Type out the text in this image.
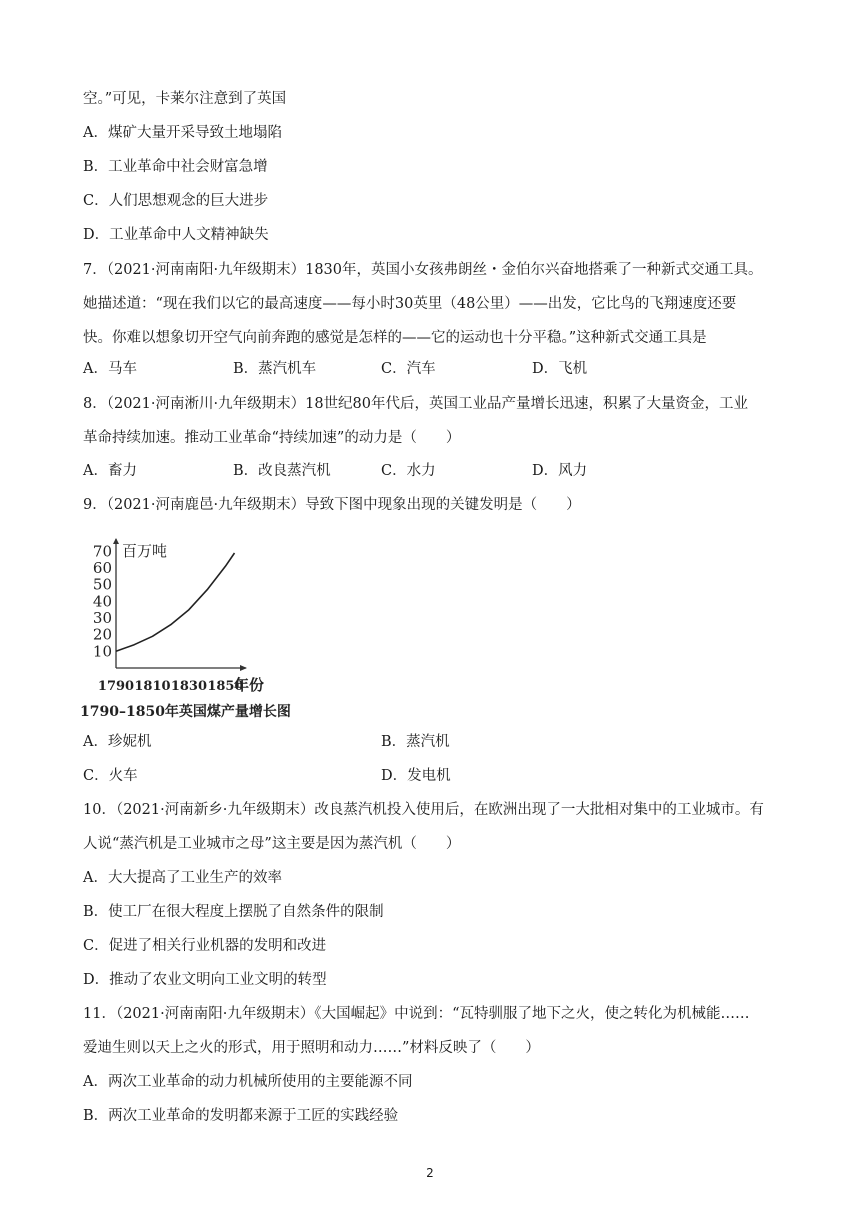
空。”可见，卡莱尔注意到了英国
A．煤矿大量开采导致土地塌陷
B．工业革命中社会财富急增
C．人们思想观念的巨大进步
D．工业革命中人文精神缺失
7．（2021·河南南阳·九年级期末）1830年，英国小女孩弗朗丝・金伯尔兴奋地搭乘了一种新式交通工具。
她描述道：“现在我们以它的最高速度——每小时30英里（48公里）——出发，它比鸟的飞翔速度还要
快。你难以想象切开空气向前奔跑的感觉是怎样的——它的运动也十分平稳。”这种新式交通工具是
A．马车	B．蒸汽机车	C．汽车	D．飞机
8．（2021·河南淅川·九年级期末）18世纪80年代后，英国工业品产量增长迅速，积累了大量资金，工业
革命持续加速。推动工业革命“持续加速”的动力是（　　）
A．畜力	B．改良蒸汽机	C．水力	D．风力
9．（2021·河南鹿邑·九年级期末）导致下图中现象出现的关键发明是（　　）
10
20
30
40
50
60
70
1790 1810 1830 1850
百万吨
年份
1790–1850年英国煤产量增长图
A．珍妮机	B．蒸汽机
C．火车	D．发电机
10．（2021·河南新乡·九年级期末）改良蒸汽机投入使用后，在欧洲出现了一大批相对集中的工业城市。有
人说“蒸汽机是工业城市之母”这主要是因为蒸汽机（　　）
A．大大提高了工业生产的效率
B．使工厂在很大程度上摆脱了自然条件的限制
C．促进了相关行业机器的发明和改进
D．推动了农业文明向工业文明的转型
11．（2021·河南南阳·九年级期末）《大国崛起》中说到：“瓦特驯服了地下之火，使之转化为机械能……
爱迪生则以天上之火的形式，用于照明和动力……”材料反映了（　　）
A．两次工业革命的动力机械所使用的主要能源不同
B．两次工业革命的发明都来源于工匠的实践经验
2
